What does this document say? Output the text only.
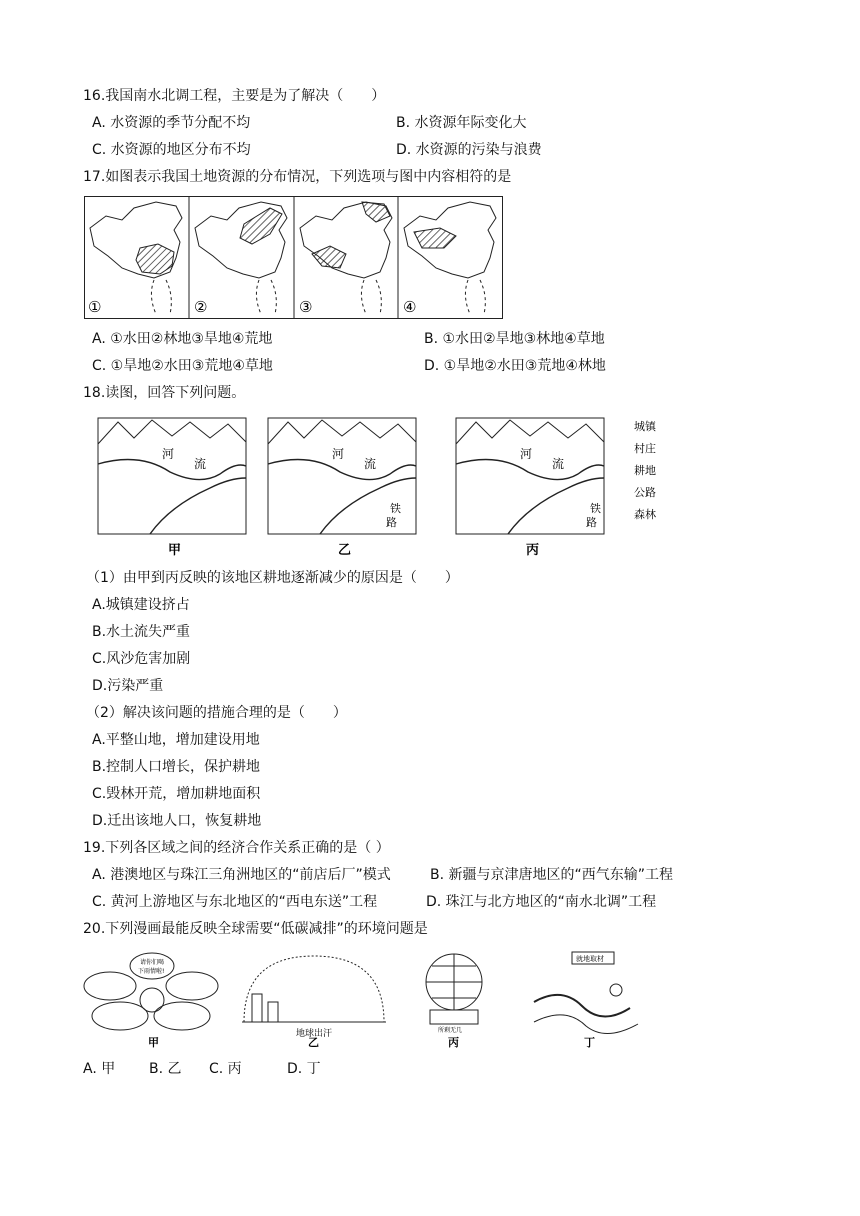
16.我国南水北调工程，主要是为了解决（　　）
A. 水资源的季节分配不均	B. 水资源年际变化大
C. 水资源的地区分布不均	D. 水资源的污染与浪费
17.如图表示我国土地资源的分布情况，下列选项与图中内容相符的是
①	②	③	④
A. ①水田②林地③旱地④荒地	B. ①水田②旱地③林地④草地
C. ①旱地②水田③荒地④草地	D. ①旱地②水田③荒地④林地
18.读图，回答下列问题。
河
流
河
流
铁
路
河
流
铁
路
城镇
村庄
耕地
公路
森林
甲	乙	丙
（1）由甲到丙反映的该地区耕地逐渐减少的原因是（　　）
A.城镇建设挤占
B.水土流失严重
C.风沙危害加剧
D.污染严重
（2）解决该问题的措施合理的是（　　）
A.平整山地，增加建设用地
B.控制人口增长，保护耕地
C.毁林开荒，增加耕地面积
D.迁出该地人口，恢复耕地
19.下列各区域之间的经济合作关系正确的是（ ）
A. 港澳地区与珠江三角洲地区的“前店后厂”模式	B. 新疆与京津唐地区的“西气东输”工程
C. 黄河上游地区与东北地区的“西电东送”工程	D. 珠江与北方地区的“南水北调”工程
20.下列漫画最能反映全球需要“低碳减排”的环境问题是
请你们喝
下雨情啦!
地球出汗	所剩无几
就地取材
甲	乙	丙	丁
A. 甲 B. 乙 C. 丙	D. 丁
